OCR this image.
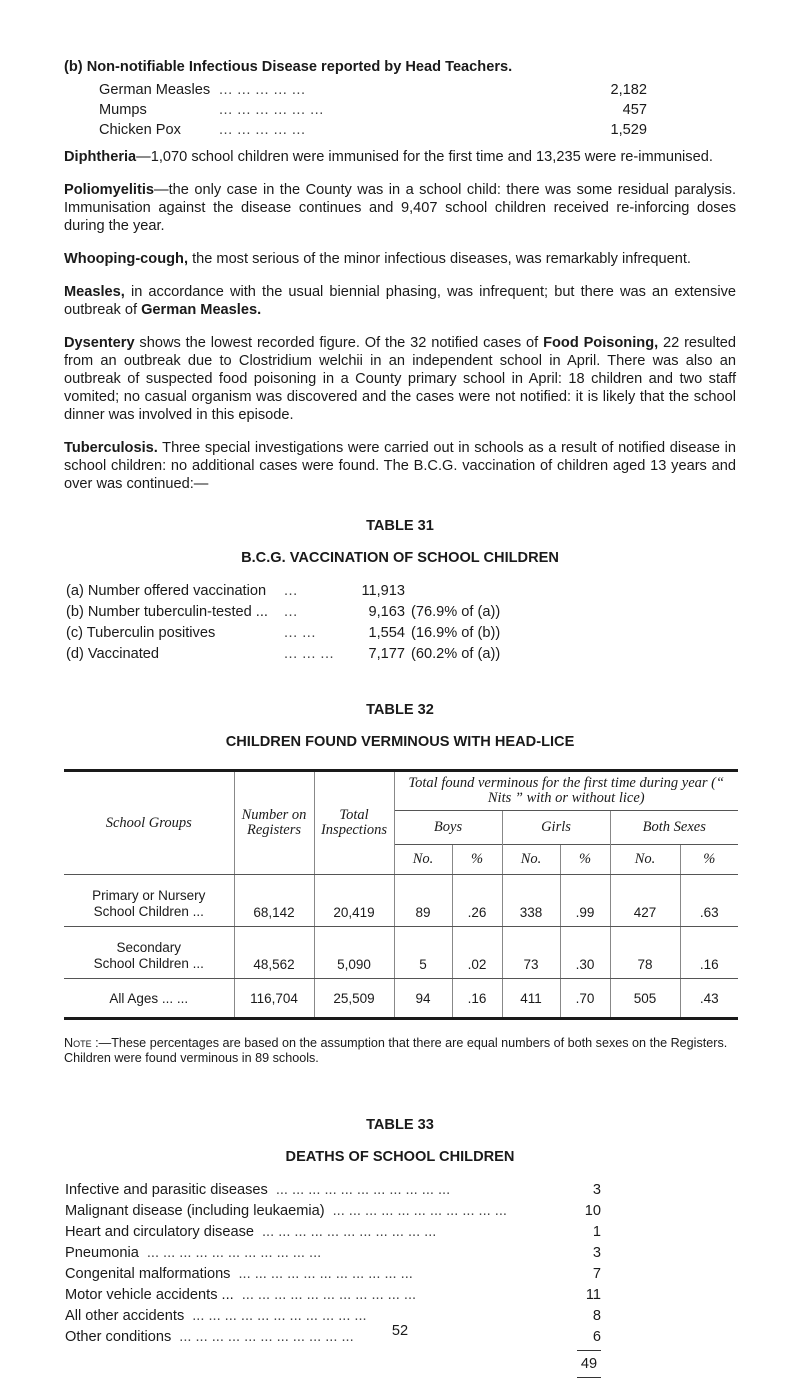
(b) Non-notifiable Infectious Disease reported by Head Teachers.

German Measles ... ... ... ... ...	2,182
Mumps	... ... ... ... ... ...	457
Chicken Pox	... ... ... ... ...	1,529

Diphtheria—1,070 school children were immunised for the first time and 13,235 were re-immunised.

Poliomyelitis—the only case in the County was in a school child: there was some residual paralysis. Immunisation against the disease continues and 9,407 school children received re-inforcing doses during the year.

Whooping-cough, the most serious of the minor infectious diseases, was remarkably infrequent.

Measles, in accordance with the usual biennial phasing, was infrequent; but there was an extensive outbreak of German Measles.

Dysentery shows the lowest recorded figure. Of the 32 notified cases of Food Poisoning, 22 resulted from an outbreak due to Clostridium welchii in an independent school in April. There was also an outbreak of suspected food poisoning in a County primary school in April: 18 children and two staff vomited; no casual organism was discovered and the cases were not notified: it is likely that the school dinner was involved in this episode.

Tuberculosis. Three special investigations were carried out in schools as a result of notified disease in school children: no additional cases were found. The B.C.G. vaccination of children aged 13 years and over was continued:—

TABLE 31
B.C.G. VACCINATION OF SCHOOL CHILDREN
(a) Number offered vaccination	...	11,913
(b) Number tuberculin-tested ...	...	9,163 (76.9% of (a))
(c) Tuberculin positives	... ...	1,554 (16.9% of (b))
(d) Vaccinated	... ... ...	7,177 (60.2% of (a))
TABLE 32
CHILDREN FOUND VERMINOUS WITH HEAD-LICE
School Groups	Number on Registers	Total Inspections	Total found verminous for the first time during year (“ Nits ” with or without lice)					
			Boys		Girls		Both Sexes	
			No.	%	No.	%	No.	%
Primary or Nursery
School Children ...	68,142	20,419	89	.26	338	.99	427	.63
Secondary
School Children ...	48,562	5,090	5	.02	73	.30	78	.16
All Ages ... ...	116,704	25,509	94	.16	411	.70	505	.43

Note :—These percentages are based on the assumption that there are equal numbers of both sexes on the Registers. Children were found verminous in 89 schools.

TABLE 33
DEATHS OF SCHOOL CHILDREN
Infective and parasitic diseases ... ... ... ... ... ... ... ... ... ... ...	3
Malignant disease (including leukaemia) ... ... ... ... ... ... ... ... ... ... ...	10
Heart and circulatory disease ... ... ... ... ... ... ... ... ... ... ...	1
Pneumonia ... ... ... ... ... ... ... ... ... ... ...	3
Congenital malformations ... ... ... ... ... ... ... ... ... ... ...	7
Motor vehicle accidents ... ... ... ... ... ... ... ... ... ... ... ...	11
All other accidents ... ... ... ... ... ... ... ... ... ... ...	8
Other conditions ... ... ... ... ... ... ... ... ... ... ...	6
49
52
